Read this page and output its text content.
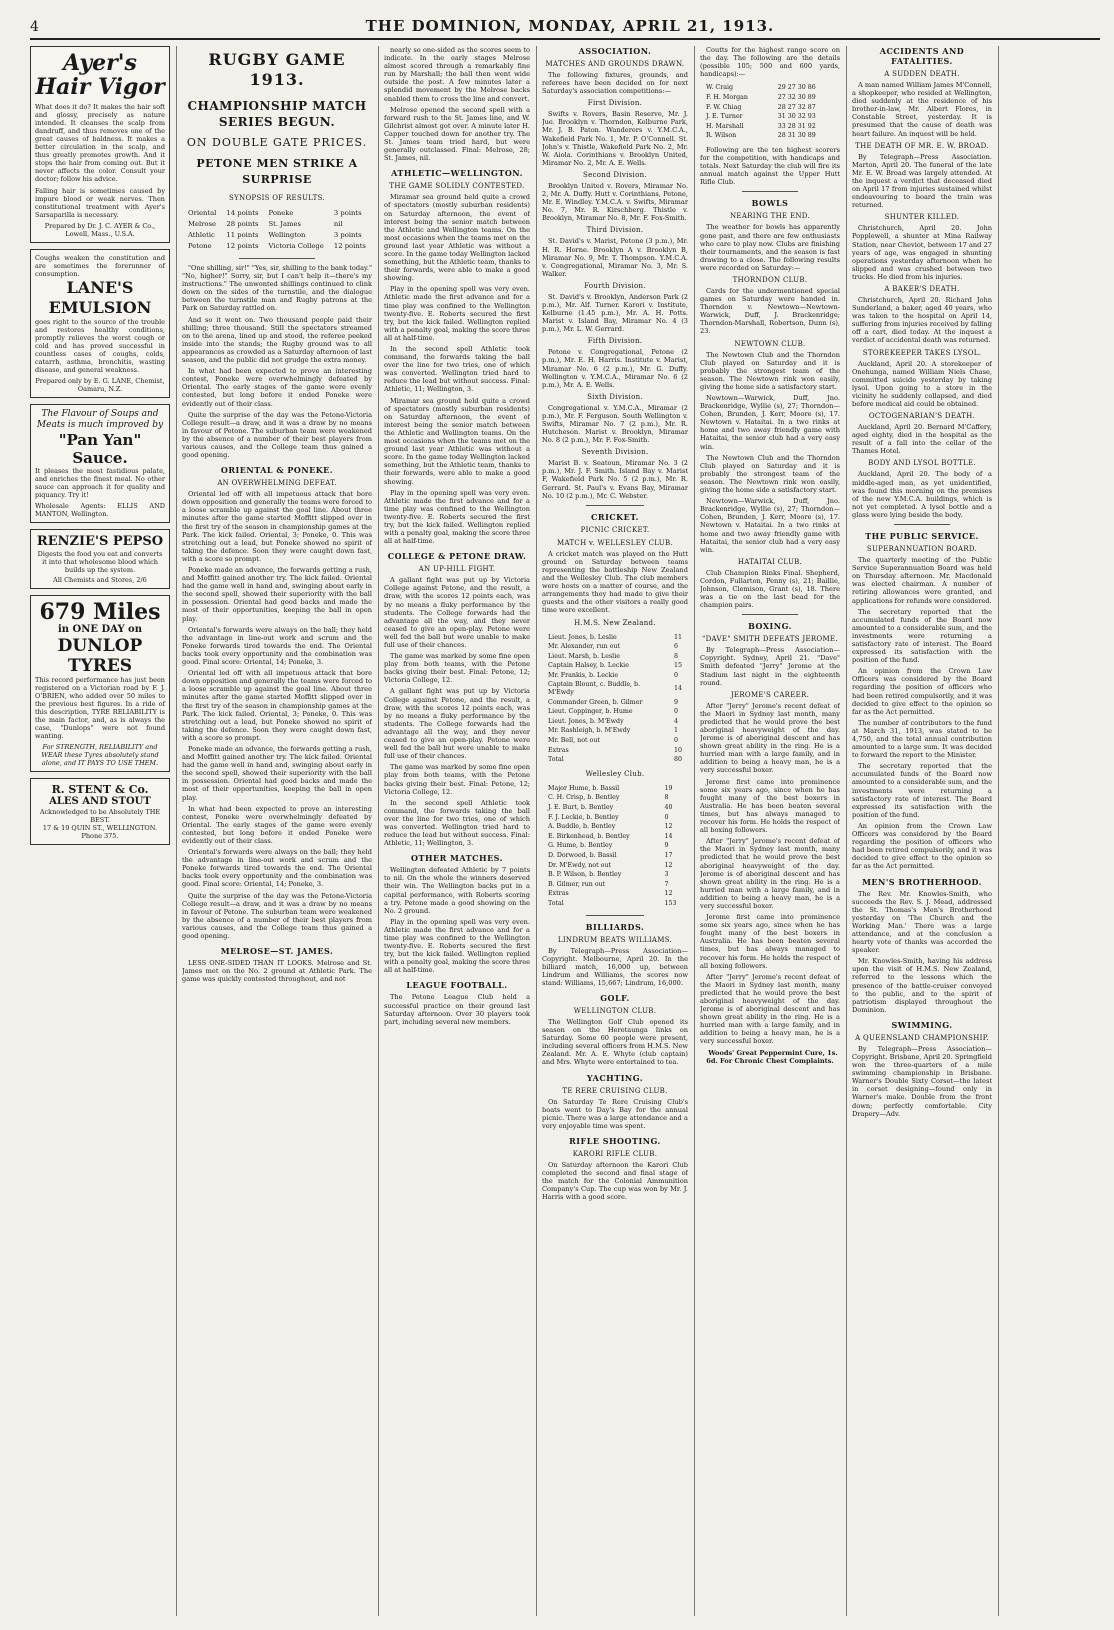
4	THE DOMINION, MONDAY, APRIL 21, 1913.
Ayer's Hair Vigor
What does it do? It makes the hair soft and glossy, precisely as nature intended. It cleanses the scalp from dandruff, and thus removes one of the great causes of baldness. It makes a better circulation in the scalp, and thus greatly promotes growth. And it stops the hair from coming out. But it never affects the color. Consult your doctor; follow his advice.
Falling hair is sometimes caused by impure blood or weak nerves. Then constitutional treatment with Ayer's Sarsaparilla is necessary.
Prepared by Dr. J. C. AYER & Co., Lowell, Mass., U.S.A.
Coughs weaken the constitution and are sometimes the forerunner of consumption.
LANE'S EMULSION
goes right to the source of the trouble and restores healthy conditions, promptly relieves the worst cough or cold and has proved successful in countless cases of coughs, colds, catarrh, asthma, bronchitis, wasting disease, and general weakness.
Prepared only by E. G. LANE, Chemist, Oamaru, N.Z.
The Flavour of Soups and Meats is much improved by
"Pan Yan" Sauce.
It pleases the most fastidious palate, and enriches the finest meal. No other sauce can approach it for quality and piquancy. Try it!
Wholesale Agents: ELLIS AND MANTON, Wellington.
RENZIE'S PEPSO
Digests the food you eat and converts it into that wholesome blood which builds up the system.
All Chemists and Stores, 2/6
679 Miles
in ONE DAY on
DUNLOP TYRES
This record performance has just been registered on a Victorian road by F. J. O'BRIEN, who added over 50 miles to the previous best figures. In a ride of this description, TYRE RELIABILITY is the main factor, and, as is always the case, "Dunlops" were not found wanting.
For STRENGTH, RELIABILITY and WEAR these Tyres absolutely stand alone, and IT PAYS TO USE THEM.
R. STENT & Co.
ALES AND STOUT
Acknowledged to be Absolutely THE BEST.
17 & 19 QUIN ST., WELLINGTON. Phone 375.
RUGBY GAME 1913.
CHAMPIONSHIP MATCH SERIES BEGUN.
ON DOUBLE GATE PRICES.
PETONE MEN STRIKE A SURPRISE
SYNOPSIS OF RESULTS.
Oriental	14 points	Poneke	3 points
Melrose	28 points	St. James	nil
Athletic	11 points	Wellington	3 points
Petone	12 points	Victoria College	12 points

"One shilling, sir!" "Yes, sir, shilling to the bank today." "No, higher!" Sorry, sir, but I can't help it—there's my instructions." The unwonted shillings continued to clink down on the sides of the turnstile, and the dialogue between the turnstile man and Rugby patrons at the Park on Saturday rattled on.

And so it went on. Two thousand people paid their shilling; three thousand. Still the spectators streamed on to the arena, lined up and stood, the referee peeked inside into the stands; the Rugby ground was to all appearances as crowded as a Saturday afternoon of last season, and the public did not grudge the extra money.

In what had been expected to prove an interesting contest, Poneke were overwhelmingly defeated by Oriental. The early stages of the game were evenly contested, but long before it ended Poneke were evidently out of their class.

Quite the surprise of the day was the Petone-Victoria College result—a draw, and it was a draw by no means in favour of Petone. The suburban team were weakened by the absence of a number of their best players from various causes, and the College team thus gained a good opening.

ORIENTAL & PONEKE.
AN OVERWHELMING DEFEAT.

Oriental led off with all impetuous attack that bore down opposition and generally the teams were forced to a loose scramble up against the goal line. About three minutes after the game started Moffitt slipped over in the first try of the season in championship games at the Park. The kick failed. Oriental, 3; Poneke, 0. This was stretching out a lead, but Poneke showed no spirit of taking the defence. Soon they were caught down fast, with a score so prompt.

Poneke made an advance, the forwards getting a rush, and Moffitt gained another try. The kick failed. Oriental had the game well in hand and, swinging about early in the second spell, showed their superiority with the ball in possession. Oriental had good backs and made the most of their opportunities, keeping the ball in open play.

Oriental's forwards were always on the ball; they held the advantage in line-out work and scrum and the Poneke forwards tired towards the end. The Oriental backs took every opportunity and the combination was good. Final score: Oriental, 14; Poneke, 3.

Oriental led off with all impetuous attack that bore down opposition and generally the teams were forced to a loose scramble up against the goal line. About three minutes after the game started Moffitt slipped over in the first try of the season in championship games at the Park. The kick failed. Oriental, 3; Poneke, 0. This was stretching out a lead, but Poneke showed no spirit of taking the defence. Soon they were caught down fast, with a score so prompt.

Poneke made an advance, the forwards getting a rush, and Moffitt gained another try. The kick failed. Oriental had the game well in hand and, swinging about early in the second spell, showed their superiority with the ball in possession. Oriental had good backs and made the most of their opportunities, keeping the ball in open play.

In what had been expected to prove an interesting contest, Poneke were overwhelmingly defeated by Oriental. The early stages of the game were evenly contested, but long before it ended Poneke were evidently out of their class.

Oriental's forwards were always on the ball; they held the advantage in line-out work and scrum and the Poneke forwards tired towards the end. The Oriental backs took every opportunity and the combination was good. Final score: Oriental, 14; Poneke, 3.

Quite the surprise of the day was the Petone-Victoria College result—a draw, and it was a draw by no means in favour of Petone. The suburban team were weakened by the absence of a number of their best players from various causes, and the College team thus gained a good opening.

MELROSE—ST. JAMES.

LESS ONE-SIDED THAN IT LOOKS. Melrose and St. James met on the No. 2 ground at Athletic Park. The game was quickly contested throughout, and not

nearly so one-sided as the scores seem to indicate. In the early stages Melrose almost scored through a remarkably fine run by Marshall; the ball then went wide outside the post. A few minutes later a splendid movement by the Melrose backs enabled them to cross the line and convert.

Melrose opened the second spell with a forward rush to the St. James line, and W. Gilchrist almost got over. A minute later H. Capper touched down for another try. The St. James team tried hard, but were generally outclassed. Final: Melrose, 28; St. James, nil.

ATHLETIC—WELLINGTON.
THE GAME SOLIDLY CONTESTED.

Miramar sea ground held quite a crowd of spectators (mostly suburban residents) on Saturday afternoon, the event of interest being the senior match between the Athletic and Wellington teams. On the most occasions when the teams met on the ground last year Athletic was without a score. In the game today Wellington lacked something, but the Athletic team, thanks to their forwards, were able to make a good showing.

Play in the opening spell was very even. Athletic made the first advance and for a time play was confined to the Wellington twenty-five. E. Roberts secured the first try, but the kick failed. Wellington replied with a penalty goal, making the score three all at half-time.

In the second spell Athletic took command, the forwards taking the ball over the line for two tries, one of which was converted. Wellington tried hard to reduce the lead but without success. Final: Athletic, 11; Wellington, 3.

Miramar sea ground held quite a crowd of spectators (mostly suburban residents) on Saturday afternoon, the event of interest being the senior match between the Athletic and Wellington teams. On the most occasions when the teams met on the ground last year Athletic was without a score. In the game today Wellington lacked something, but the Athletic team, thanks to their forwards, were able to make a good showing.

Play in the opening spell was very even. Athletic made the first advance and for a time play was confined to the Wellington twenty-five. E. Roberts secured the first try, but the kick failed. Wellington replied with a penalty goal, making the score three all at half-time.

COLLEGE & PETONE DRAW.
AN UP-HILL FIGHT.

A gallant fight was put up by Victoria College against Petone, and the result, a draw, with the scores 12 points each, was by no means a fluky performance by the students. The College forwards had the advantage all the way, and they never ceased to give an open-play. Petone were well fed the ball but were unable to make full use of their chances.

The game was marked by some fine open play from both teams, with the Petone backs giving their best. Final: Petone, 12; Victoria College, 12.

A gallant fight was put up by Victoria College against Petone, and the result, a draw, with the scores 12 points each, was by no means a fluky performance by the students. The College forwards had the advantage all the way, and they never ceased to give an open-play. Petone were well fed the ball but were unable to make full use of their chances.

The game was marked by some fine open play from both teams, with the Petone backs giving their best. Final: Petone, 12; Victoria College, 12.

In the second spell Athletic took command, the forwards taking the ball over the line for two tries, one of which was converted. Wellington tried hard to reduce the lead but without success. Final: Athletic, 11; Wellington, 3.

OTHER MATCHES.

Wellington defeated Athletic by 7 points to nil. On the whole the winners deserved their win. The Wellington backs put in a capital performance, with Roberts scoring a try. Petone made a good showing on the No. 2 ground.

Play in the opening spell was very even. Athletic made the first advance and for a time play was confined to the Wellington twenty-five. E. Roberts secured the first try, but the kick failed. Wellington replied with a penalty goal, making the score three all at half-time.

LEAGUE FOOTBALL.

The Petone League Club held a successful practice on their ground last Saturday afternoon. Over 30 players took part, including several new members.

ASSOCIATION.
MATCHES AND GROUNDS DRAWN.

The following fixtures, grounds, and referees have been decided on for next Saturday's association competitions:—

First Division.

Swifts v. Rovers, Basin Reserve, Mr. J. Jue. Brooklyn v. Thorndon, Kelburne Park, Mr. J. B. Paton. Wanderers v. Y.M.C.A., Wakefield Park No. 1, Mr. P. O'Connell. St. John's v. Thistle, Wakefield Park No. 2, Mr. W. Aiola. Corinthians v. Brooklyn United, Miramar No. 2, Mr. A. E. Wells.

Second Division.

Brooklyn United v. Rovers, Miramar No. 2, Mr. A. Duffy. Hutt v. Corinthians, Petone, Mr. E. Windley. Y.M.C.A. v. Swifts, Miramar No. 7, Mr. R. Kirschberg. Thistle v. Brooklyn, Miramar No. 8, Mr. F. Fox-Smith.

Third Division.

St. David's v. Marist, Petone (3 p.m.), Mr. H. R. Horne. Brooklyn A v. Brooklyn B, Miramar No. 9, Mr. T. Thompson. Y.M.C.A. v. Congregational, Miramar No. 3, Mr. S. Walker.

Fourth Division.

St. David's v. Brooklyn, Anderson Park (2 p.m.), Mr. Alf. Turner. Karori v. Institute, Kelburne (1.45 p.m.), Mr. A. H. Potts. Marist v. Island Bay, Miramar No. 4 (3 p.m.), Mr. L. W. Gerrard.

Fifth Division.

Petone v. Congregational, Petone (2 p.m.), Mr. E. H. Harris. Institute v. Marist, Miramar No. 6 (2 p.m.), Mr. G. Duffy. Wellington v. Y.M.C.A., Miramar No. 6 (2 p.m.), Mr. A. E. Wells.

Sixth Division.

Congregational v. Y.M.C.A., Miramar (2 p.m.), Mr. F. Ferguson. South Wellington v. Swifts, Miramar No. 7 (2 p.m.), Mr. R. Hutcheson. Marist v. Brooklyn, Miramar No. 8 (2 p.m.), Mr. F. Fox-Smith.

Seventh Division.

Marist B. v. Seatoun, Miramar No. 3 (2 p.m.), Mr. J. F. Smith. Island Bay v. Marist F, Wakefield Park No. 5 (2 p.m.), Mr. R. Gerrard. St. Paul's v. Evans Bay, Miramar No. 10 (2 p.m.), Mr. C. Webster.

CRICKET.
PICNIC CRICKET.
MATCH v. WELLESLEY CLUB.

A cricket match was played on the Hutt ground on Saturday between teams representing the battleship New Zealand and the Wellesley Club. The club members were hosts on a matter of course, and the arrangements they had made to give their guests and the other visitors a really good time were excellent.

H.M.S. New Zealand.
Lieut. Jones, b. Leslie	11
Mr. Alexander, run out	6
Lieut. Marsh, b. Leslie	8
Captain Halsey, b. Leckie	15
Mr. Frankis, b. Leckie	0
Captain Blount, c. Buddle, b. M'Ewdy	14
Commander Green, b. Gilmer	9
Lieut. Coppinger, b. Hume	0
Lieut. Jones, b. M'Ewdy	4
Mr. Rashleigh, b. M'Ewdy	1
Mr. Bell, not out	0
Extras	10
Total	80
Wellesley Club.
Major Hume, b. Bassil	19
C. H. Crisp, b. Bentley	8
J. E. Burt, b. Bentley	40
F. J. Leckie, b. Bentley	0
A. Buddle, b. Bentley	12
E. Birkenhead, b. Bentley	14
G. Hume, b. Bentley	9
D. Dorwood, b. Bassil	17
Dr. M'Ewdy, not out	12
B. P. Wilson, b. Bentley	3
B. Gilmer, run out	7
Extras	12
Total	153
BILLIARDS.
LINDRUM BEATS WILLIAMS.

By Telegraph—Press Association—Copyright. Melbourne, April 20. In the billiard match, 16,000 up, between Lindrum and Williams, the scores now stand: Williams, 15,667; Lindrum, 16,000.

GOLF.
WELLINGTON CLUB.

The Wellington Golf Club opened its season on the Heretaunga links on Saturday. Some 60 people were present, including several officers from H.M.S. New Zealand. Mr. A. E. Whyte (club captain) and Mrs. Whyte were entertained to tea.

YACHTING.
TE RERE CRUISING CLUB.

On Saturday Te Rere Cruising Club's boats went to Day's Bay for the annual picnic. There was a large attendance and a very enjoyable time was spent.

RIFLE SHOOTING.
KARORI RIFLE CLUB.

On Saturday afternoon the Karori Club completed the second and final stage of the match for the Colonial Ammunition Company's Cup. The cup was won by Mr. J. Harris with a good score.

Coutts for the highest range score on the day. The following are the details (possible 105; 500 and 600 yards, handicaps):—

W. Craig	29 27 30 86
F. H. Morgan	27 32 30 89
F. W. Chiag	28 27 32 87
J. E. Turner	31 30 32 93
H. Marshall	33 28 31 92
R. Wilson	28 31 30 89

Following are the ten highest scorers for the competition, with handicaps and totals. Next Saturday the club will fire its annual match against the Upper Hutt Rifle Club.

BOWLS
NEARING THE END.

The weather for bowls has apparently gone past, and there are few enthusiasts who care to play now. Clubs are finishing their tournaments, and the season is fast drawing to a close. The following results were recorded on Saturday:—

THORNDON CLUB.

Cards for the undermentioned special games on Saturday were handed in. Thorndon v. Newtown—Newtown-Warwick, Duff, J. Brackenridge; Thorndon-Marshall, Robertson, Dunn (s), 23.

NEWTOWN CLUB.

The Newtown Club and the Thorndon Club played on Saturday and it is probably the strongest team of the season. The Newtown rink won easily, giving the home side a satisfactory start.

Newtown—Warwick, Duff, Jno. Brackenridge, Wyllie (s), 27; Thorndon—Cohen, Brunden, J. Kerr, Moore (s), 17. Newtown v. Hataitai. In a two rinks at home and two away friendly game with Hataitai, the senior club had a very easy win.

The Newtown Club and the Thorndon Club played on Saturday and it is probably the strongest team of the season. The Newtown rink won easily, giving the home side a satisfactory start.

Newtown—Warwick, Duff, Jno. Brackenridge, Wyllie (s), 27; Thorndon—Cohen, Brunden, J. Kerr, Moore (s), 17. Newtown v. Hataitai. In a two rinks at home and two away friendly game with Hataitai, the senior club had a very easy win.

HATAITAI CLUB.

Club Champion Rinks Final. Shepherd, Cordon, Fullarton, Penny (s), 21; Baillie, Johnson, Clemison, Grant (s), 18. There was a tie on the last bead for the champion pairs.

BOXING.
"DAVE" SMITH DEFEATS JEROME.

By Telegraph—Press Association—Copyright. Sydney, April 21. "Dave" Smith defeated "Jerry" Jerome at the Stadium last night in the eighteenth round.

JEROME'S CAREER.

After "Jerry" Jerome's recent defeat of the Maori in Sydney last month, many predicted that he would prove the best aboriginal heavyweight of the day. Jerome is of aboriginal descent and has shown great ability in the ring. He is a hurried man with a large family, and in addition to being a heavy man, he is a very successful boxer.

Jerome first came into prominence some six years ago, since when he has fought many of the best boxers in Australia. He has been beaten several times, but has always managed to recover his form. He holds the respect of all boxing followers.

After "Jerry" Jerome's recent defeat of the Maori in Sydney last month, many predicted that he would prove the best aboriginal heavyweight of the day. Jerome is of aboriginal descent and has shown great ability in the ring. He is a hurried man with a large family, and in addition to being a heavy man, he is a very successful boxer.

Jerome first came into prominence some six years ago, since when he has fought many of the best boxers in Australia. He has been beaten several times, but has always managed to recover his form. He holds the respect of all boxing followers.

After "Jerry" Jerome's recent defeat of the Maori in Sydney last month, many predicted that he would prove the best aboriginal heavyweight of the day. Jerome is of aboriginal descent and has shown great ability in the ring. He is a hurried man with a large family, and in addition to being a heavy man, he is a very successful boxer.

Woods' Great Peppermint Cure, 1s. 6d. For Chronic Chest Complaints.

ACCIDENTS AND FATALITIES.
A SUDDEN DEATH.

A man named William James M'Connell, a shopkeeper, who resided at Wellington, died suddenly at the residence of his brother-in-law, Mr. Albert Flores, in Constable Street, yesterday. It is presumed that the cause of death was heart failure. An inquest will be held.

THE DEATH OF MR. E. W. BROAD.

By Telegraph—Press Association. Marton, April 20. The funeral of the late Mr. E. W. Broad was largely attended. At the inquest a verdict that deceased died on April 17 from injuries sustained whilst endeavouring to board the train was returned.

SHUNTER KILLED.

Christchurch, April 20. John Popplewell, a shunter at Mina Railway Station, near Cheviot, between 17 and 27 years of age, was engaged in shunting operations yesterday afternoon when he slipped and was crushed between two trucks. He died from his injuries.

A BAKER'S DEATH.

Christchurch, April 20. Richard John Sunderland, a baker, aged 40 years, who was taken to the hospital on April 14, suffering from injuries received by falling off a cart, died today. At the inquest a verdict of accidental death was returned.

STOREKEEPER TAKES LYSOL.

Auckland, April 20. A storekeeper of Onehunga, named William Niels Chase, committed suicide yesterday by taking lysol. Upon going to a store in the vicinity he suddenly collapsed, and died before medical aid could be obtained.

OCTOGENARIAN'S DEATH.

Auckland, April 20. Bernard M'Caffery, aged eighty, died in the hospital as the result of a fall into the cellar of the Thames Hotel.

BODY AND LYSOL BOTTLE.

Auckland, April 20. The body of a middle-aged man, as yet unidentified, was found this morning on the premises of the new Y.M.C.A. buildings, which is not yet completed. A lysol bottle and a glass were lying beside the body.

THE PUBLIC SERVICE.
SUPERANNUATION BOARD.

The quarterly meeting of the Public Service Superannuation Board was held on Thursday afternoon. Mr. Macdonald was elected chairman. A number of retiring allowances were granted, and applications for refunds were considered.

The secretary reported that the accumulated funds of the Board now amounted to a considerable sum, and the investments were returning a satisfactory rate of interest. The Board expressed its satisfaction with the position of the fund.

An opinion from the Crown Law Officers was considered by the Board regarding the position of officers who had been retired compulsorily, and it was decided to give effect to the opinion so far as the Act permitted.

The number of contributors to the fund at March 31, 1913, was stated to be 4,750, and the total annual contribution amounted to a large sum. It was decided to forward the report to the Minister.

The secretary reported that the accumulated funds of the Board now amounted to a considerable sum, and the investments were returning a satisfactory rate of interest. The Board expressed its satisfaction with the position of the fund.

An opinion from the Crown Law Officers was considered by the Board regarding the position of officers who had been retired compulsorily, and it was decided to give effect to the opinion so far as the Act permitted.

MEN'S BROTHERHOOD.

The Rev. Mr. Knowles-Smith, who succeeds the Rev. S. J. Mead, addressed the St. Thomas's Men's Brotherhood yesterday on 'The Church and the Working Man.' There was a large attendance, and at the conclusion a hearty vote of thanks was accorded the speaker.

Mr. Knowles-Smith, having his address upon the visit of H.M.S. New Zealand, referred to the lessons which the presence of the battle-cruiser conveyed to the public, and to the spirit of patriotism displayed throughout the Dominion.

SWIMMING.
A QUEENSLAND CHAMPIONSHIP.

By Telegraph—Press Association—Copyright. Brisbane, April 20. Springfield won the three-quarters of a mile swimming championship in Brisbane. Warner's Double Sixty Corset—the latest in corset designing—found only in Warner's make. Double from the front down; perfectly comfortable. City Drapery—Adv.
